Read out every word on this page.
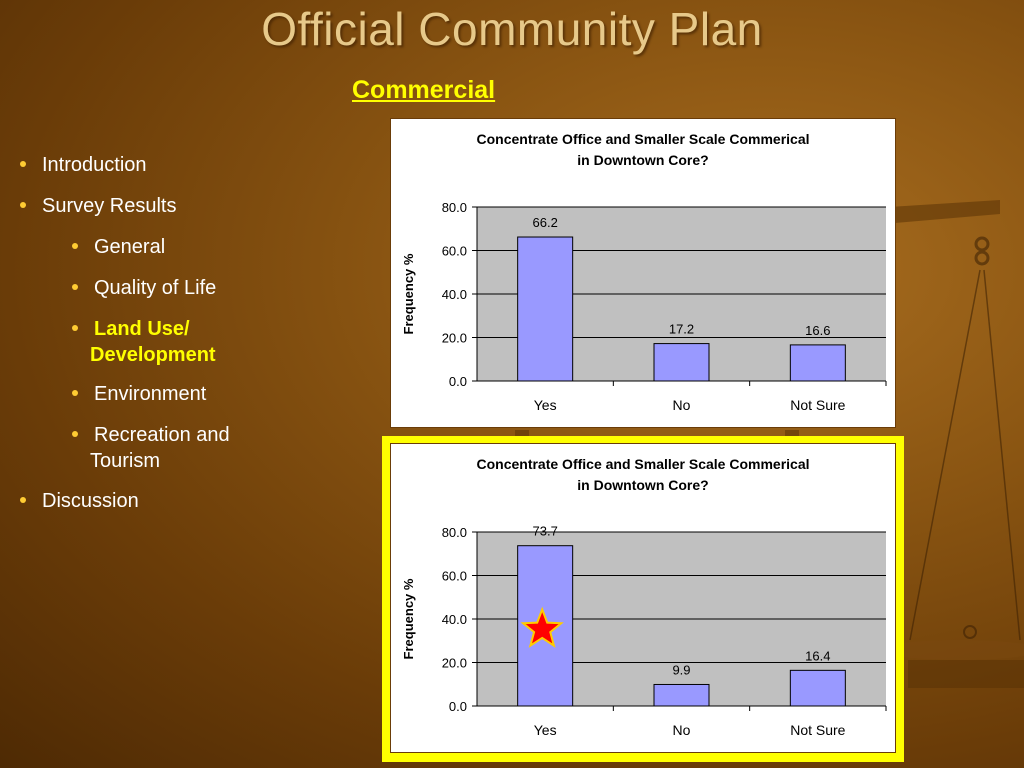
Official Community Plan
Commercial
Introduction
Survey Results
General
Quality of Life
Land Use/
Development
Environment
Recreation and
Tourism
Discussion
Concentrate Office and Smaller Scale Commerical
in Downtown Core?
0.0
20.0
40.0
60.0
80.0
Frequency %
66.2
Yes
17.2
No
16.6
Not Sure
Concentrate Office and Smaller Scale Commerical
in Downtown Core?
0.0
20.0
40.0
60.0
80.0
Frequency %
73.7
Yes
9.9
No
16.4
Not Sure
